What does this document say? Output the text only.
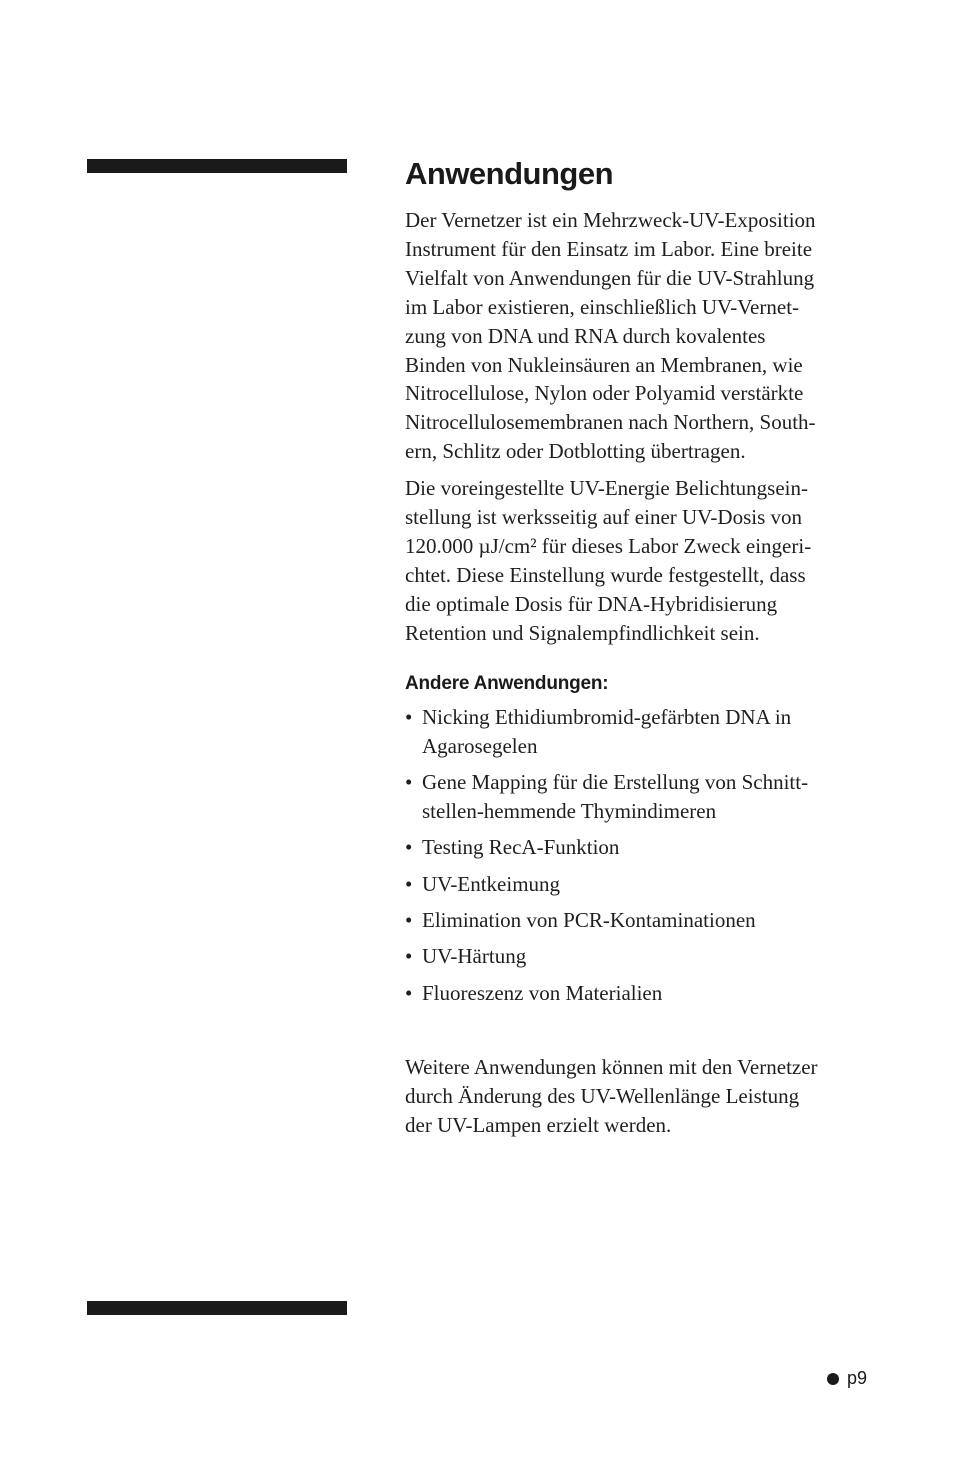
Anwendungen

Der Vernetzer ist ein Mehrzweck-UV-Exposition

Instrument für den Einsatz im Labor. Eine breite

Vielfalt von Anwendungen für die UV-Strahlung

im Labor existieren, einschließlich UV-Vernet-

zung von DNA und RNA durch kovalentes

Binden von Nukleinsäuren an Membranen, wie

Nitrocellulose, Nylon oder Polyamid verstärkte

Nitrocellulosemembranen nach Northern, South-

ern, Schlitz oder Dotblotting übertragen.

Die voreingestellte UV-Energie Belichtungsein-

stellung ist werksseitig auf einer UV-Dosis von

120.000 µJ/cm² für dieses Labor Zweck eingeri-

chtet. Diese Einstellung wurde festgestellt, dass

die optimale Dosis für DNA-Hybridisierung

Retention und Signalempfindlichkeit sein.

Andere Anwendungen:
• Nicking Ethidiumbromid-gefärbten DNA in
Agarosegelen
• Gene Mapping für die Erstellung von Schnitt-
stellen-hemmende Thymindimeren
• Testing RecA-Funktion
• UV-Entkeimung
• Elimination von PCR-Kontaminationen
• UV-Härtung
• Fluoreszenz von Materialien

Weitere Anwendungen können mit den Vernetzer

durch Änderung des UV-Wellenlänge Leistung

der UV-Lampen erzielt werden.

p9
